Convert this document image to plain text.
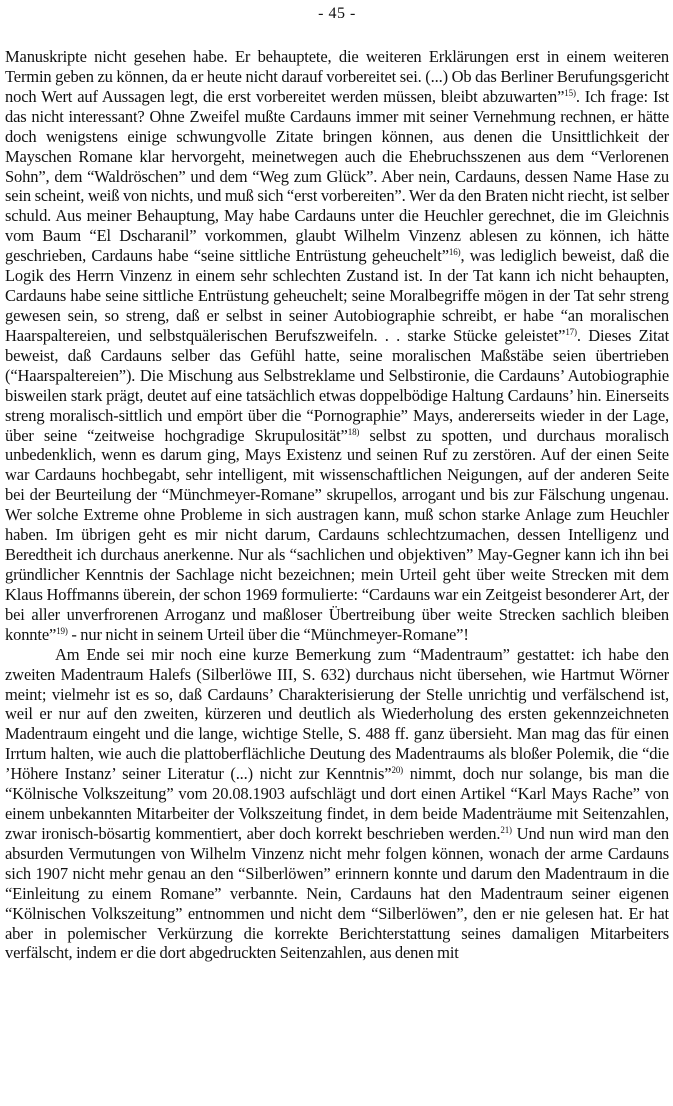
- 45 -

Manuskripte nicht gesehen habe. Er behauptete, die weiteren Erklärungen erst in einem weiteren Termin geben zu können, da er heute nicht darauf vorbereitet sei. (...) Ob das Berliner Berufungsgericht noch Wert auf Aussagen legt, die erst vorbereitet werden müssen, bleibt abzuwarten”$^{15)}$. Ich frage: Ist das nicht interessant? Ohne Zweifel mußte Cardauns immer mit seiner Vernehmung rechnen, er hätte doch wenigstens einige schwungvolle Zitate bringen können, aus denen die Unsittlichkeit der Mayschen Romane klar hervorgeht, meinetwegen auch die Ehebruchsszenen aus dem “Verlorenen Sohn”, dem “Waldröschen” und dem “Weg zum Glück”. Aber nein, Cardauns, dessen Name Hase zu sein scheint, weiß von nichts, und muß sich “erst vorbereiten”. Wer da den Braten nicht riecht, ist selber schuld. Aus meiner Behauptung, May habe Cardauns unter die Heuchler gerechnet, die im Gleichnis vom Baum “El Dscharanil” vorkommen, glaubt Wilhelm Vinzenz ablesen zu können, ich hätte geschrieben, Cardauns habe “seine sittliche Entrüstung geheuchelt”$^{16)}$, was lediglich beweist, daß die Logik des Herrn Vinzenz in einem sehr schlechten Zustand ist. In der Tat kann ich nicht behaupten, Cardauns habe seine sittliche Entrüstung geheuchelt; seine Moralbegriffe mögen in der Tat sehr streng gewesen sein, so streng, daß er selbst in seiner Autobiographie schreibt, er habe “an moralischen Haarspaltereien, und selbstquälerischen Berufszweifeln. . . starke Stücke geleistet”$^{17)}$. Dieses Zitat beweist, daß Cardauns selber das Gefühl hatte, seine moralischen Maßstäbe seien übertrieben (“Haarspaltereien”). Die Mischung aus Selbstreklame und Selbstironie, die Cardauns’ Autobiographie bisweilen stark prägt, deutet auf eine tatsächlich etwas doppelbödige Haltung Cardauns’ hin. Einerseits streng moralisch-sittlich und empört über die “Pornographie” Mays, andererseits wieder in der Lage, über seine “zeitweise hochgradige Skrupulosität”$^{18)}$ selbst zu spotten, und durchaus moralisch unbedenklich, wenn es darum ging, Mays Existenz und seinen Ruf zu zerstören. Auf der einen Seite war Cardauns hochbegabt, sehr intelligent, mit wissenschaftlichen Neigungen, auf der anderen Seite bei der Beurteilung der “Münchmeyer-Romane” skrupellos, arrogant und bis zur Fälschung ungenau. Wer solche Extreme ohne Probleme in sich austragen kann, muß schon starke Anlage zum Heuchler haben. Im übrigen geht es mir nicht darum, Cardauns schlechtzumachen, dessen Intelligenz und Beredtheit ich durchaus anerkenne. Nur als “sachlichen und objektiven” May-Gegner kann ich ihn bei gründlicher Kenntnis der Sachlage nicht bezeichnen; mein Urteil geht über weite Strecken mit dem Klaus Hoffmanns überein, der schon 1969 formulierte: “Cardauns war ein Zeitgeist besonderer Art, der bei aller unverfrorenen Arroganz und maßloser Übertreibung über weite Strecken sachlich bleiben konnte”$^{19)}$ - nur nicht in seinem Urteil über die “Münchmeyer-Romane”!

Am Ende sei mir noch eine kurze Bemerkung zum “Madentraum” gestattet: ich habe den zweiten Madentraum Halefs (Silberlöwe III, S. 632) durchaus nicht übersehen, wie Hartmut Wörner meint; vielmehr ist es so, daß Cardauns’ Charakterisierung der Stelle unrichtig und verfälschend ist, weil er nur auf den zweiten, kürzeren und deutlich als Wiederholung des ersten gekennzeichneten Madentraum eingeht und die lange, wichtige Stelle, S. 488 ff. ganz übersieht. Man mag das für einen Irrtum halten, wie auch die plattoberflächliche Deutung des Madentraums als bloßer Polemik, die “die ’Höhere Instanz’ seiner Literatur (...) nicht zur Kenntnis”$^{20)}$ nimmt, doch nur solange, bis man die “Kölnische Volkszeitung” vom 20.08.1903 aufschlägt und dort einen Artikel “Karl Mays Rache” von einem unbekannten Mitarbeiter der Volkszeitung findet, in dem beide Madenträume mit Seitenzahlen, zwar ironisch-bösartig kommentiert, aber doch korrekt beschrieben werden.$^{21)}$ Und nun wird man den absurden Vermutungen von Wilhelm Vinzenz nicht mehr folgen können, wonach der arme Cardauns sich 1907 nicht mehr genau an den “Silberlöwen” erinnern konnte und darum den Madentraum in die “Einleitung zu einem Romane” verbannte. Nein, Cardauns hat den Madentraum seiner eigenen “Kölnischen Volkszeitung” entnommen und nicht dem “Silberlöwen”, den er nie gelesen hat. Er hat aber in polemischer Verkürzung die korrekte Berichterstattung seines damaligen Mitarbeiters verfälscht, indem er die dort abgedruckten Seitenzahlen, aus denen mit
